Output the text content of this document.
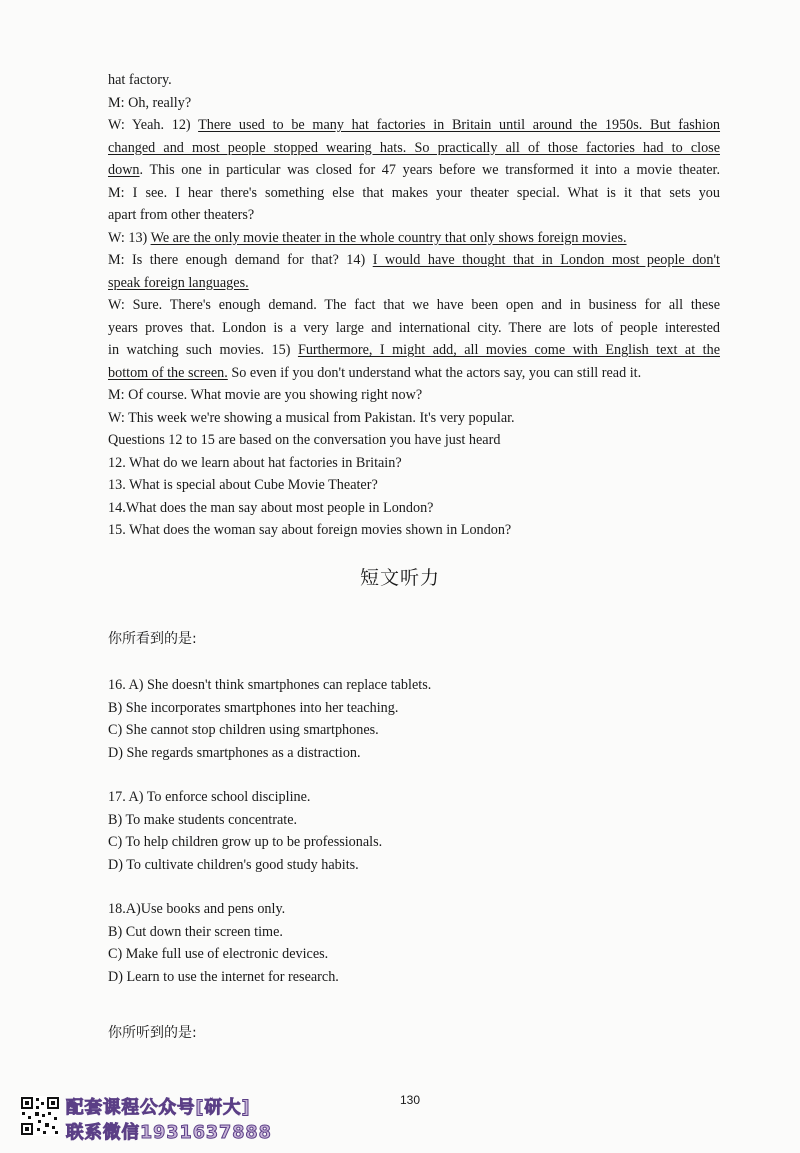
hat factory.
M: Oh, really?
W: Yeah. 12) There used to be many hat factories in Britain until around the 1950s. But fashion
changed and most people stopped wearing hats. So practically all of those factories had to close
down. This one in particular was closed for 47 years before we transformed it into a movie theater.
M: I see. I hear there's something else that makes your theater special. What is it that sets you
apart from other theaters?
W: 13) We are the only movie theater in the whole country that only shows foreign movies.
M: Is there enough demand for that? 14) I would have thought that in London most people don't
speak foreign languages.
W: Sure. There's enough demand. The fact that we have been open and in business for all these
years proves that. London is a very large and international city. There are lots of people interested
in watching such movies. 15) Furthermore, I might add, all movies come with English text at the
bottom of the screen. So even if you don't understand what the actors say, you can still read it.
M: Of course. What movie are you showing right now?
W: This week we're showing a musical from Pakistan. It's very popular.
Questions 12 to 15 are based on the conversation you have just heard
12. What do we learn about hat factories in Britain?
13. What is special about Cube Movie Theater?
14.What does the man say about most people in London?
15. What does the woman say about foreign movies shown in London?
短文听力
你所看到的是:
16. A) She doesn't think smartphones can replace tablets.
B) She incorporates smartphones into her teaching.
C) She cannot stop children using smartphones.
D) She regards smartphones as a distraction.
17. A) To enforce school discipline.
B) To make students concentrate.
C) To help children grow up to be professionals.
D) To cultivate children's good study habits.
18.A)Use books and pens only.
B) Cut down their screen time.
C) Make full use of electronic devices.
D) Learn to use the internet for research.
你所听到的是:
130
配套课程公众号[研大]
联系微信1931637888
